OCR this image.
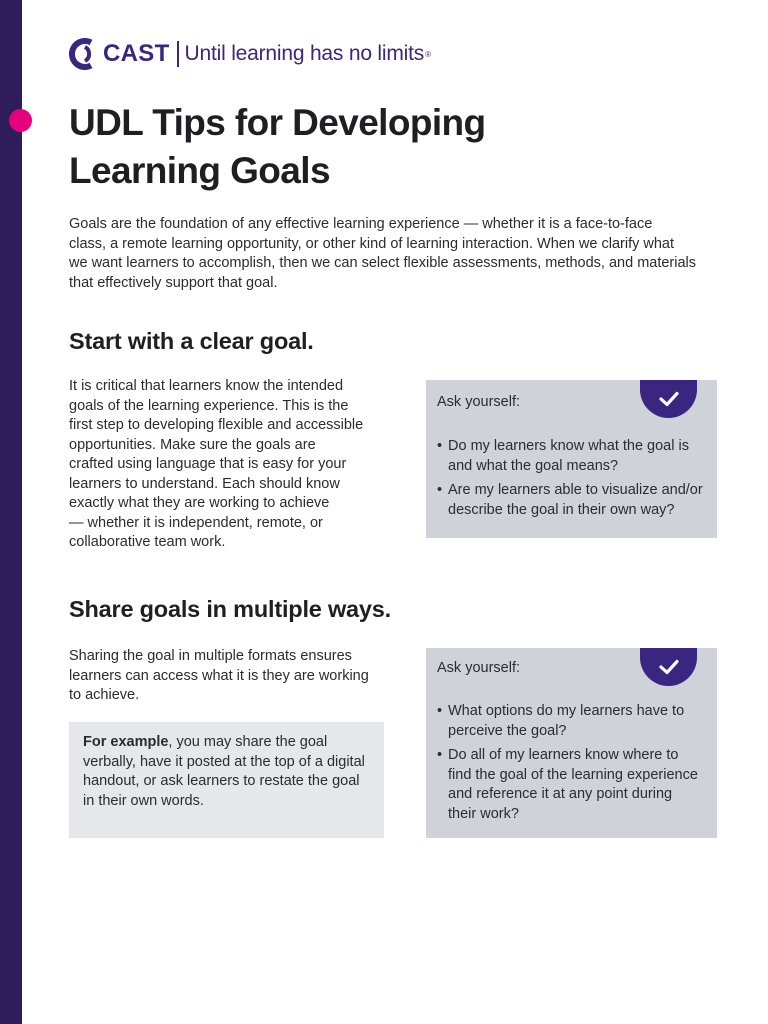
CAST Until learning has no limits ®
UDL Tips for Developing
Learning Goals

Goals are the foundation of any effective learning experience — whether it is a face-to-face
class, a remote learning opportunity, or other kind of learning interaction. When we clarify what
we want learners to accomplish, then we can select flexible assessments, methods, and materials
that effectively support that goal.

Start with a clear goal.

It is critical that learners know the intended
goals of the learning experience. This is the
first step to developing flexible and accessible
opportunities. Make sure the goals are
crafted using language that is easy for your
learners to understand. Each should know
exactly what they are working to achieve
— whether it is independent, remote, or
collaborative team work.

Ask yourself:
• Do my learners know what the goal is
and what the goal means?
• Are my learners able to visualize and/or
describe the goal in their own way?
Share goals in multiple ways.

Sharing the goal in multiple formats ensures
learners can access what it is they are working
to achieve.

For example, you may share the goal
verbally, have it posted at the top of a digital
handout, or ask learners to restate the goal
in their own words.

Ask yourself:
• What options do my learners have to
perceive the goal?
• Do all of my learners know where to
find the goal of the learning experience
and reference it at any point during
their work?
